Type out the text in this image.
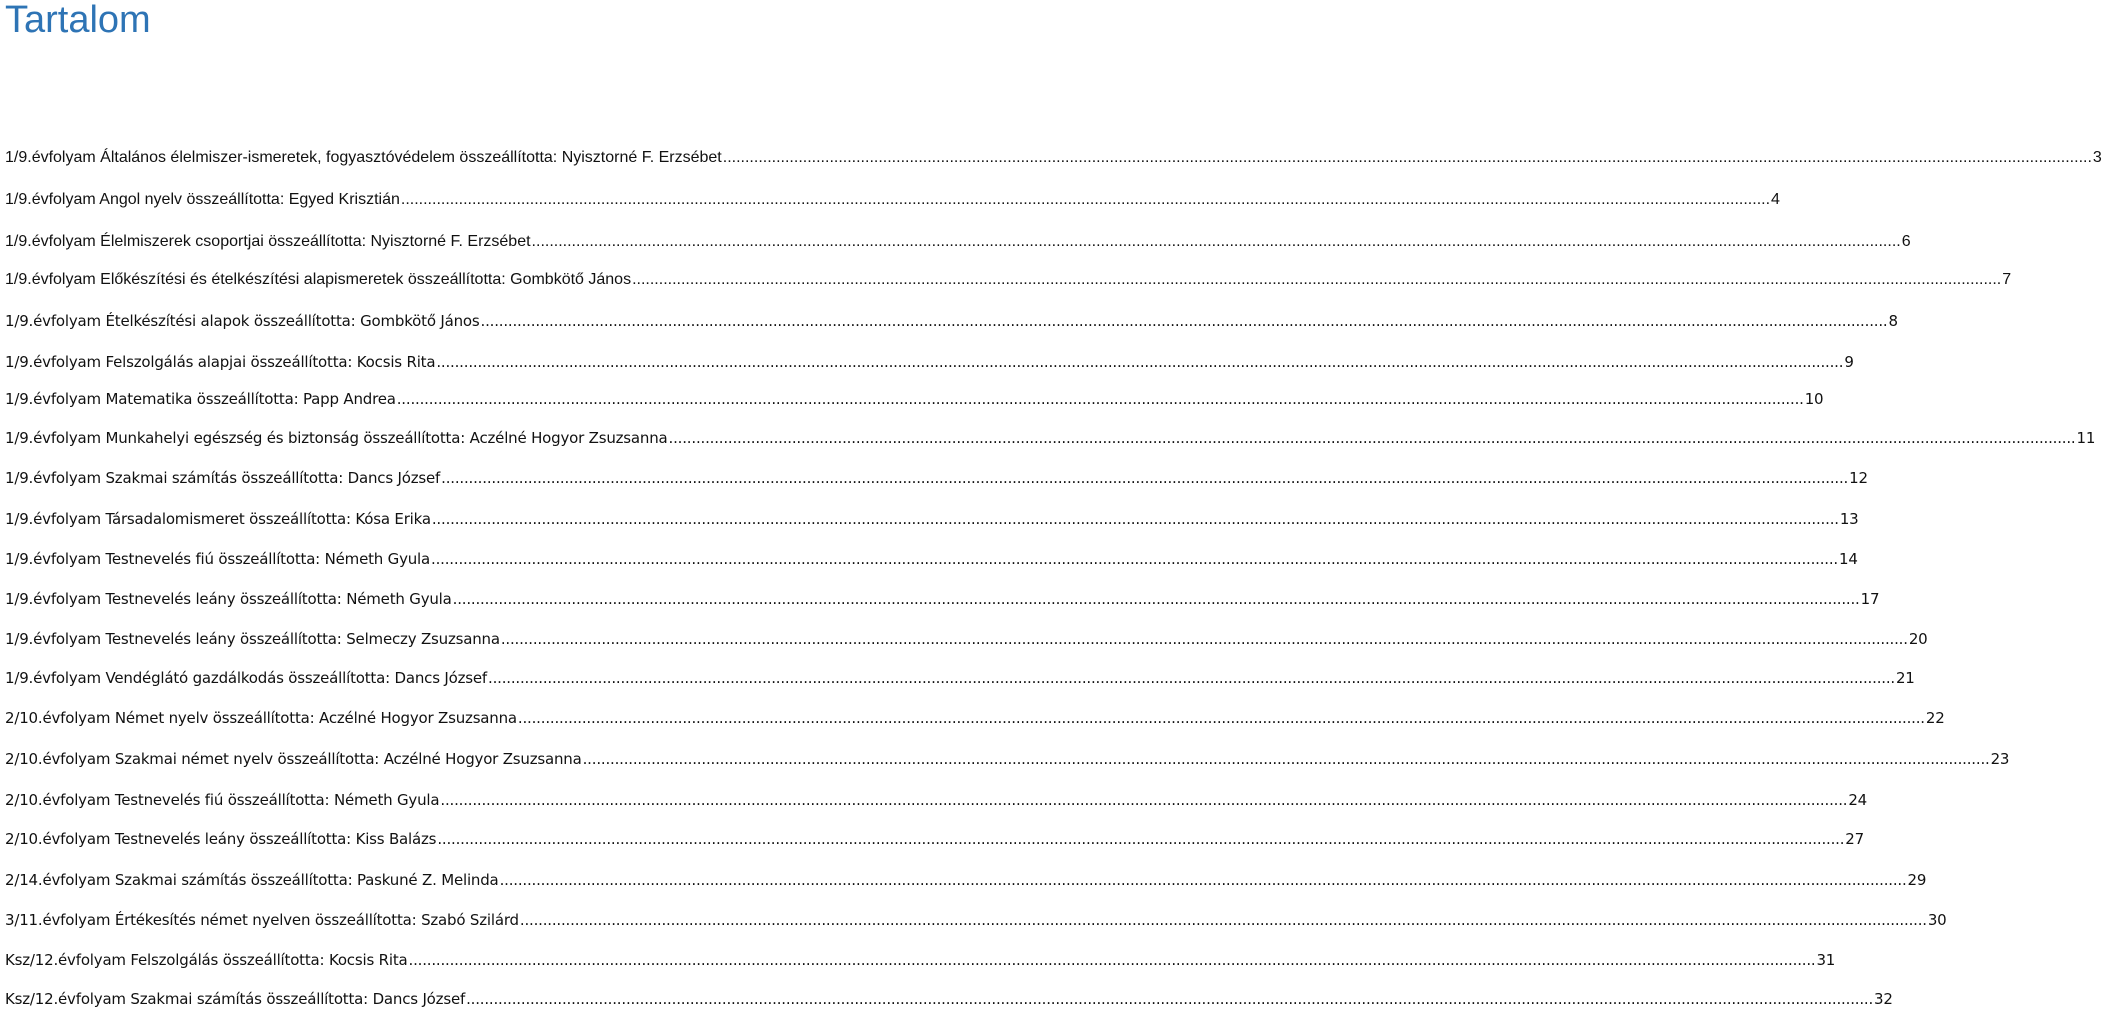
Tartalom
1/9.évfolyam Általános élelmiszer-ismeretek, fogyasztóvédelem összeállította: Nyisztorné F. Erzsébet .....	3
1/9.évfolyam Angol nyelv összeállította: Egyed Krisztián .....	4
1/9.évfolyam Élelmiszerek csoportjai összeállította: Nyisztorné F. Erzsébet .....	6
1/9.évfolyam Előkészítési és ételkészítési alapismeretek összeállította: Gombkötő János .....	7
1/9.évfolyam Ételkészítési alapok összeállította: Gombkötő János .....	8
1/9.évfolyam Felszolgálás alapjai összeállította: Kocsis Rita .....	9
1/9.évfolyam Matematika összeállította: Papp Andrea .....	10
1/9.évfolyam Munkahelyi egészség és biztonság összeállította: Aczélné Hogyor Zsuzsanna .....	11
1/9.évfolyam Szakmai számítás összeállította: Dancs József .....	12
1/9.évfolyam Társadalomismeret összeállította: Kósa Erika .....	13
1/9.évfolyam Testnevelés fiú összeállította: Németh Gyula .....	14
1/9.évfolyam Testnevelés leány összeállította: Németh Gyula .....	17
1/9.évfolyam Testnevelés leány összeállította: Selmeczy Zsuzsanna .....	20
1/9.évfolyam Vendéglátó gazdálkodás összeállította: Dancs József .....	21
2/10.évfolyam Német nyelv összeállította: Aczélné Hogyor Zsuzsanna .....	22
2/10.évfolyam Szakmai német nyelv összeállította: Aczélné Hogyor Zsuzsanna .....	23
2/10.évfolyam Testnevelés fiú összeállította: Németh Gyula .....	24
2/10.évfolyam Testnevelés leány összeállította: Kiss Balázs .....	27
2/14.évfolyam Szakmai számítás összeállította: Paskuné Z. Melinda .....	29
3/11.évfolyam Értékesítés német nyelven összeállította: Szabó Szilárd .....	30
Ksz/12.évfolyam Felszolgálás összeállította: Kocsis Rita .....	31
Ksz/12.évfolyam Szakmai számítás összeállította: Dancs József .....	32
